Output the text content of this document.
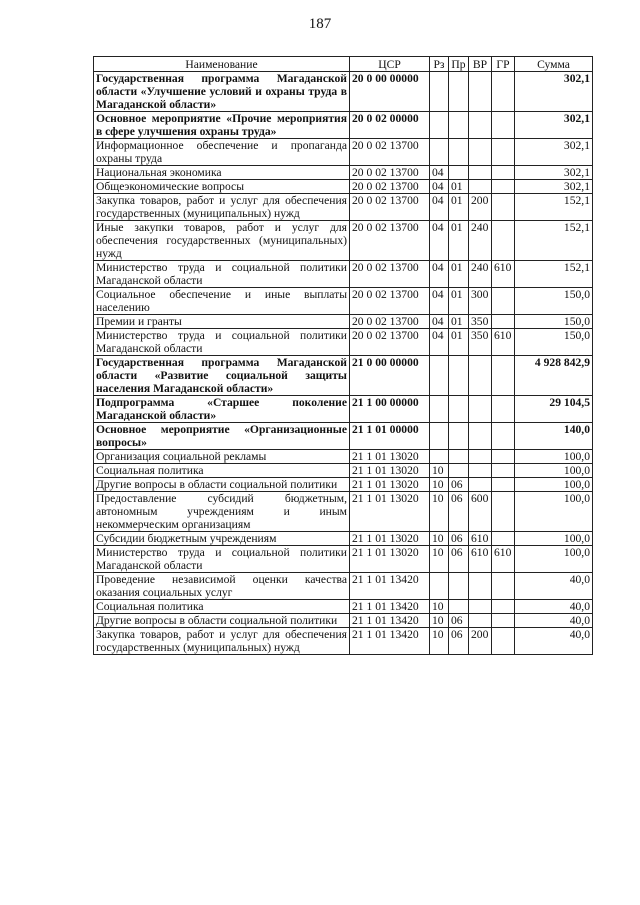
187
Наименование	ЦСР	Рз	Пр	ВР	ГР	Сумма
Государственная программа Магаданской области «Улучшение условий и охраны труда в Магаданской области»	20 0 00 00000					302,1
Основное мероприятие «Прочие мероприятия в сфере улучшения охраны труда»	20 0 02 00000					302,1
Информационное обеспечение и пропаганда охраны труда	20 0 02 13700					302,1
Национальная экономика	20 0 02 13700	04				302,1
Общеэкономические вопросы	20 0 02 13700	04	01			302,1
Закупка товаров, работ и услуг для обеспечения государственных (муниципальных) нужд	20 0 02 13700	04	01	200		152,1
Иные закупки товаров, работ и услуг для обеспечения государственных (муниципальных) нужд	20 0 02 13700	04	01	240		152,1
Министерство труда и социальной политики Магаданской области	20 0 02 13700	04	01	240	610	152,1
Социальное обеспечение и иные выплаты населению	20 0 02 13700	04	01	300		150,0
Премии и гранты	20 0 02 13700	04	01	350		150,0
Министерство труда и социальной политики Магаданской области	20 0 02 13700	04	01	350	610	150,0
Государственная программа Магаданской области «Развитие социальной защиты населения Магаданской области»	21 0 00 00000					4 928 842,9
Подпрограмма «Старшее поколение Магаданской области»	21 1 00 00000					29 104,5
Основное мероприятие «Организационные вопросы»	21 1 01 00000					140,0
Организация социальной рекламы	21 1 01 13020					100,0
Социальная политика	21 1 01 13020	10				100,0
Другие вопросы в области социальной политики	21 1 01 13020	10	06			100,0
Предоставление субсидий бюджетным, автономным учреждениям и иным некоммерческим организациям	21 1 01 13020	10	06	600		100,0
Субсидии бюджетным учреждениям	21 1 01 13020	10	06	610		100,0
Министерство труда и социальной политики Магаданской области	21 1 01 13020	10	06	610	610	100,0
Проведение независимой оценки качества оказания социальных услуг	21 1 01 13420					40,0
Социальная политика	21 1 01 13420	10				40,0
Другие вопросы в области социальной политики	21 1 01 13420	10	06			40,0
Закупка товаров, работ и услуг для обеспечения государственных (муниципальных) нужд	21 1 01 13420	10	06	200		40,0
